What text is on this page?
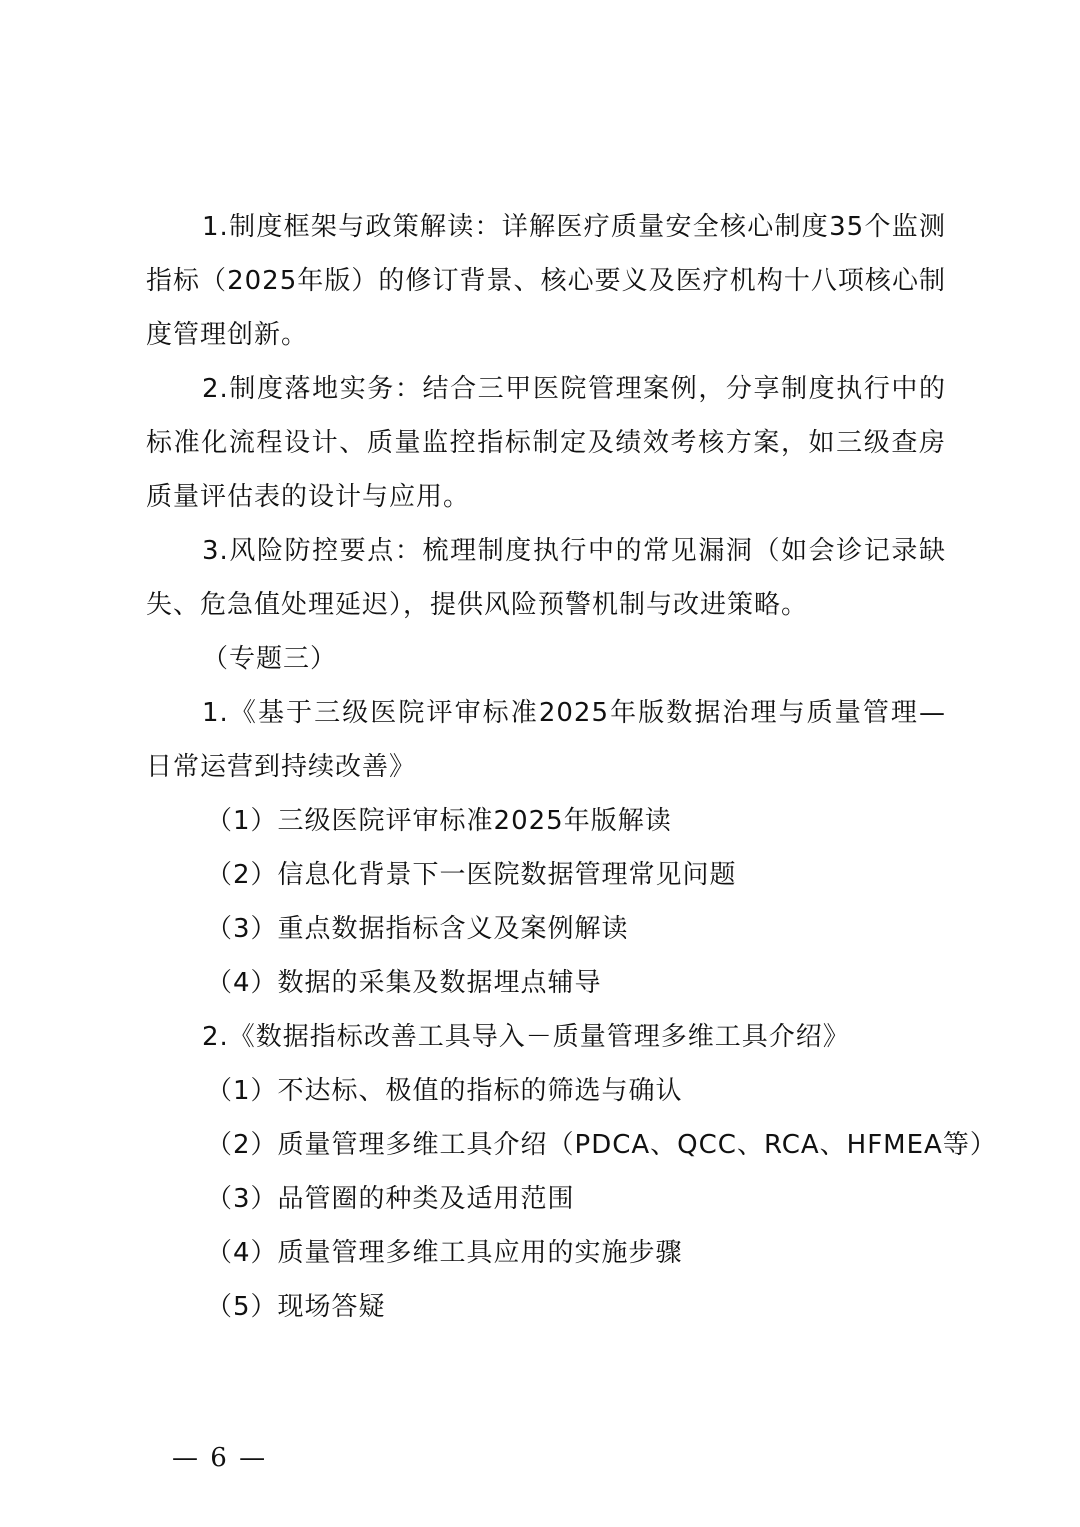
1.制度框架与政策解读：详解医疗质量安全核心制度35个监测指标（2025年版）的修订背景、核心要义及医疗机构十八项核心制度管理创新。

2.制度落地实务：结合三甲医院管理案例，分享制度执行中的标准化流程设计、质量监控指标制定及绩效考核方案，如三级查房质量评估表的设计与应用。

3.风险防控要点：梳理制度执行中的常见漏洞（如会诊记录缺失、危急值处理延迟），提供风险预警机制与改进策略。

（专题三）

1.《基于三级医院评审标准2025年版数据治理与质量管理—日常运营到持续改善》

（1）三级医院评审标准2025年版解读

（2）信息化背景下一医院数据管理常见问题

（3）重点数据指标含义及案例解读

（4）数据的采集及数据埋点辅导

2.《数据指标改善工具导入－质量管理多维工具介绍》

（1）不达标、极值的指标的筛选与确认

（2）质量管理多维工具介绍（PDCA、QCC、RCA、HFMEA等）

（3）品管圈的种类及适用范围

（4）质量管理多维工具应用的实施步骤

（5）现场答疑

— 6 —
